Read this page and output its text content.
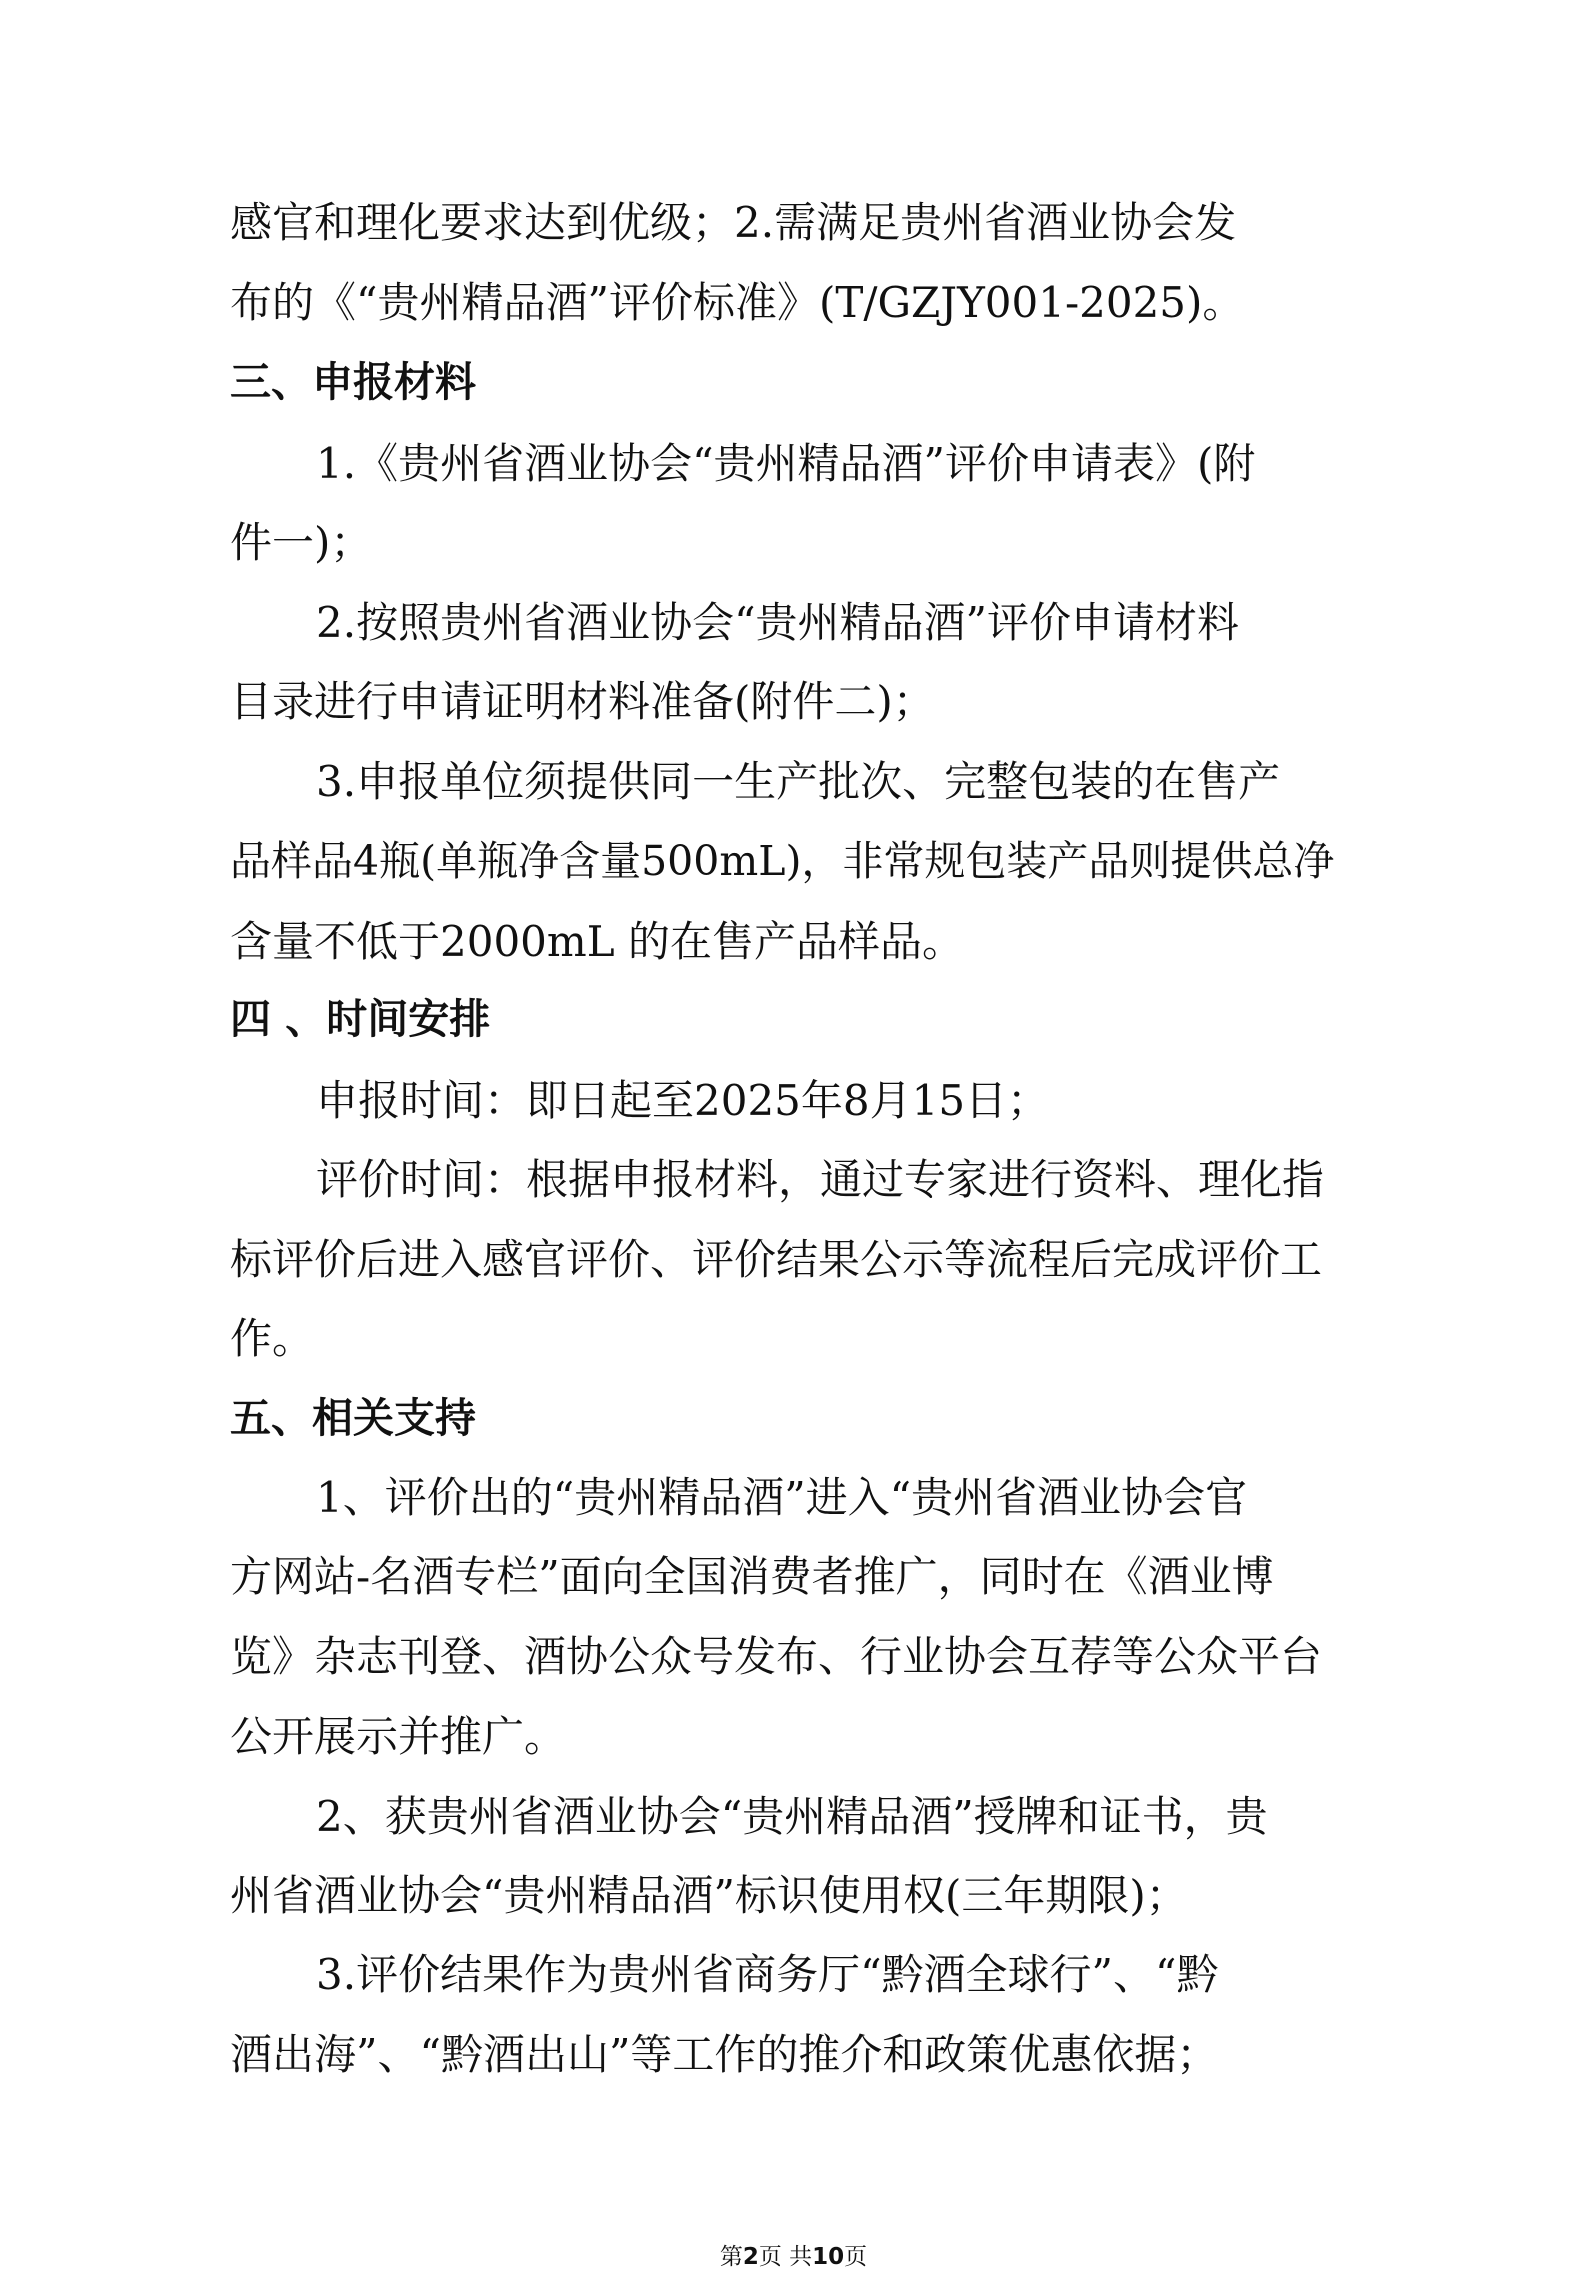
感官和理化要求达到优级；2.需满足贵州省酒业协会发
布的《“贵州精品酒”评价标准》(T/GZJY001-2025)。
三、申报材料
1.《贵州省酒业协会“贵州精品酒”评价申请表》(附
件一)；
2.按照贵州省酒业协会“贵州精品酒”评价申请材料
目录进行申请证明材料准备(附件二)；
3.申报单位须提供同一生产批次、完整包装的在售产
品样品4瓶(单瓶净含量500mL)，非常规包装产品则提供总净
含量不低于2000mL 的在售产品样品。
四 、时间安排
申报时间：即日起至2025年8月15日；
评价时间：根据申报材料，通过专家进行资料、理化指
标评价后进入感官评价、评价结果公示等流程后完成评价工
作。
五、相关支持
1、评价出的“贵州精品酒”进入“贵州省酒业协会官
方网站-名酒专栏”面向全国消费者推广，同时在《酒业博
览》杂志刊登、酒协公众号发布、行业协会互荐等公众平台
公开展示并推广。
2、获贵州省酒业协会“贵州精品酒”授牌和证书，贵
州省酒业协会“贵州精品酒”标识使用权(三年期限)；
3.评价结果作为贵州省商务厅“黔酒全球行”、“黔
酒出海”、“黔酒出山”等工作的推介和政策优惠依据；
第2页 共10页
